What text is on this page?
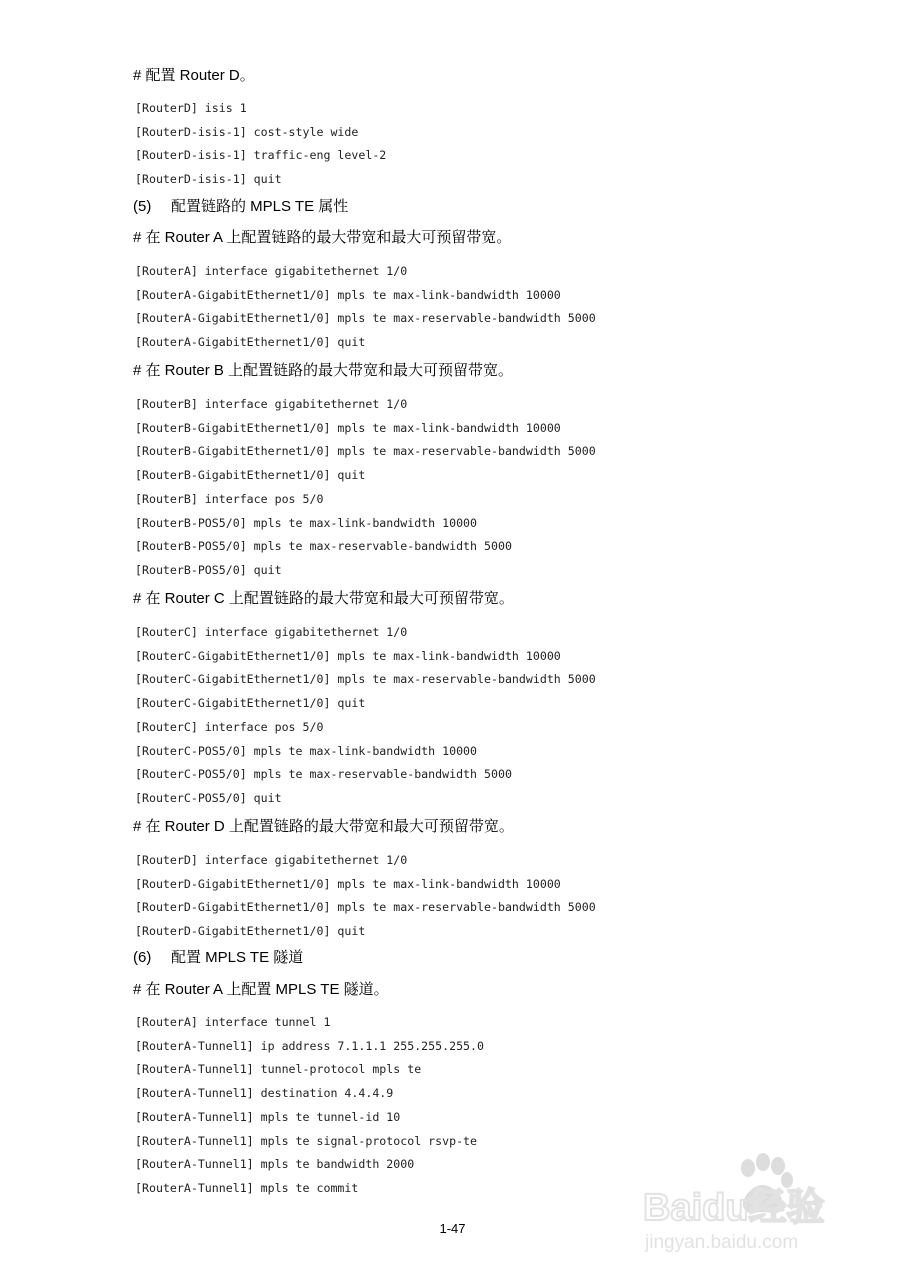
# 配置 Router D。
[RouterD] isis 1
[RouterD-isis-1] cost-style wide
[RouterD-isis-1] traffic-eng level-2
[RouterD-isis-1] quit
(5) 配置链路的 MPLS TE 属性
# 在 Router A 上配置链路的最大带宽和最大可预留带宽。
[RouterA] interface gigabitethernet 1/0
[RouterA-GigabitEthernet1/0] mpls te max-link-bandwidth 10000
[RouterA-GigabitEthernet1/0] mpls te max-reservable-bandwidth 5000
[RouterA-GigabitEthernet1/0] quit
# 在 Router B 上配置链路的最大带宽和最大可预留带宽。
[RouterB] interface gigabitethernet 1/0
[RouterB-GigabitEthernet1/0] mpls te max-link-bandwidth 10000
[RouterB-GigabitEthernet1/0] mpls te max-reservable-bandwidth 5000
[RouterB-GigabitEthernet1/0] quit
[RouterB] interface pos 5/0
[RouterB-POS5/0] mpls te max-link-bandwidth 10000
[RouterB-POS5/0] mpls te max-reservable-bandwidth 5000
[RouterB-POS5/0] quit
# 在 Router C 上配置链路的最大带宽和最大可预留带宽。
[RouterC] interface gigabitethernet 1/0
[RouterC-GigabitEthernet1/0] mpls te max-link-bandwidth 10000
[RouterC-GigabitEthernet1/0] mpls te max-reservable-bandwidth 5000
[RouterC-GigabitEthernet1/0] quit
[RouterC] interface pos 5/0
[RouterC-POS5/0] mpls te max-link-bandwidth 10000
[RouterC-POS5/0] mpls te max-reservable-bandwidth 5000
[RouterC-POS5/0] quit
# 在 Router D 上配置链路的最大带宽和最大可预留带宽。
[RouterD] interface gigabitethernet 1/0
[RouterD-GigabitEthernet1/0] mpls te max-link-bandwidth 10000
[RouterD-GigabitEthernet1/0] mpls te max-reservable-bandwidth 5000
[RouterD-GigabitEthernet1/0] quit
(6) 配置 MPLS TE 隧道
# 在 Router A 上配置 MPLS TE 隧道。
[RouterA] interface tunnel 1
[RouterA-Tunnel1] ip address 7.1.1.1 255.255.255.0
[RouterA-Tunnel1] tunnel-protocol mpls te
[RouterA-Tunnel1] destination 4.4.4.9
[RouterA-Tunnel1] mpls te tunnel-id 10
[RouterA-Tunnel1] mpls te signal-protocol rsvp-te
[RouterA-Tunnel1] mpls te bandwidth 2000
[RouterA-Tunnel1] mpls te commit
1-47	Baidu经验
jingyan.baidu.com
